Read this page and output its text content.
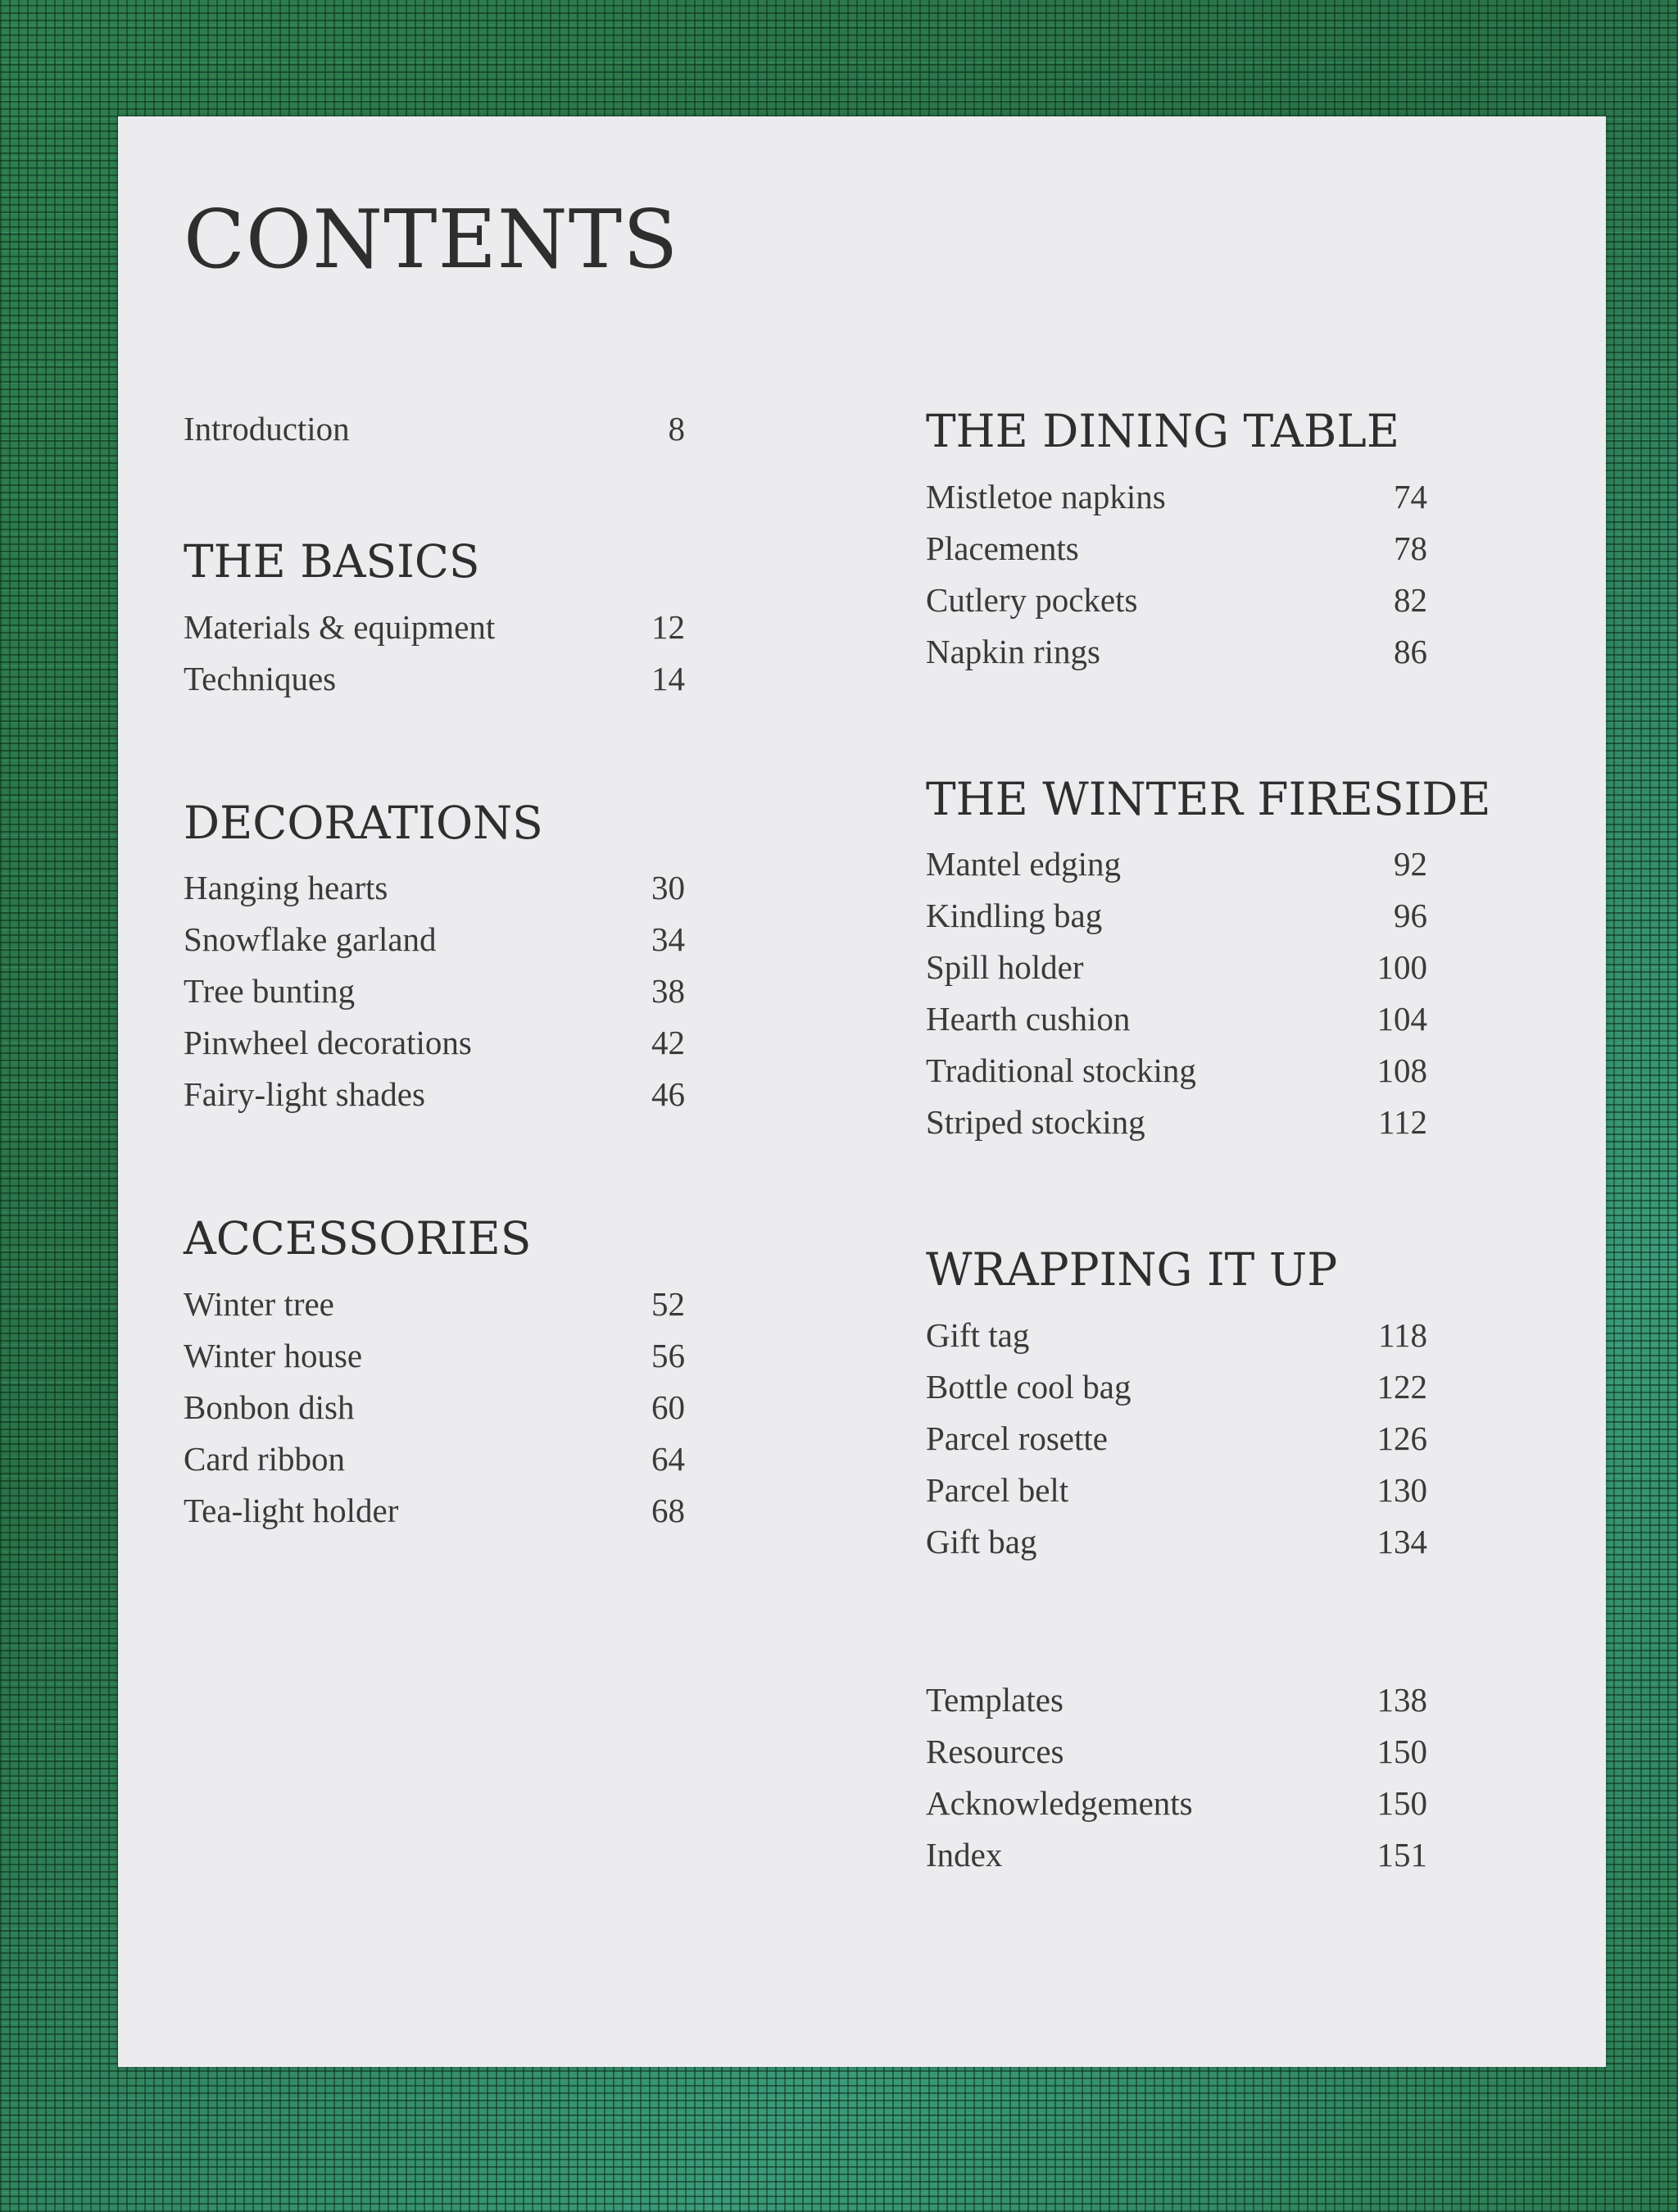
CONTENTS
Introduction	8
THE BASICS
Materials & equipment	12
Techniques	14
DECORATIONS
Hanging hearts	30
Snowflake garland	34
Tree bunting	38
Pinwheel decorations	42
Fairy-light shades	46
ACCESSORIES
Winter tree	52
Winter house	56
Bonbon dish	60
Card ribbon	64
Tea-light holder	68
THE DINING TABLE
Mistletoe napkins	74
Placements	78
Cutlery pockets	82
Napkin rings	86
THE WINTER FIRESIDE
Mantel edging	92
Kindling bag	96
Spill holder	100
Hearth cushion	104
Traditional stocking	108
Striped stocking	112
WRAPPING IT UP
Gift tag	118
Bottle cool bag	122
Parcel rosette	126
Parcel belt	130
Gift bag	134
Templates	138
Resources	150
Acknowledgements	150
Index	151
